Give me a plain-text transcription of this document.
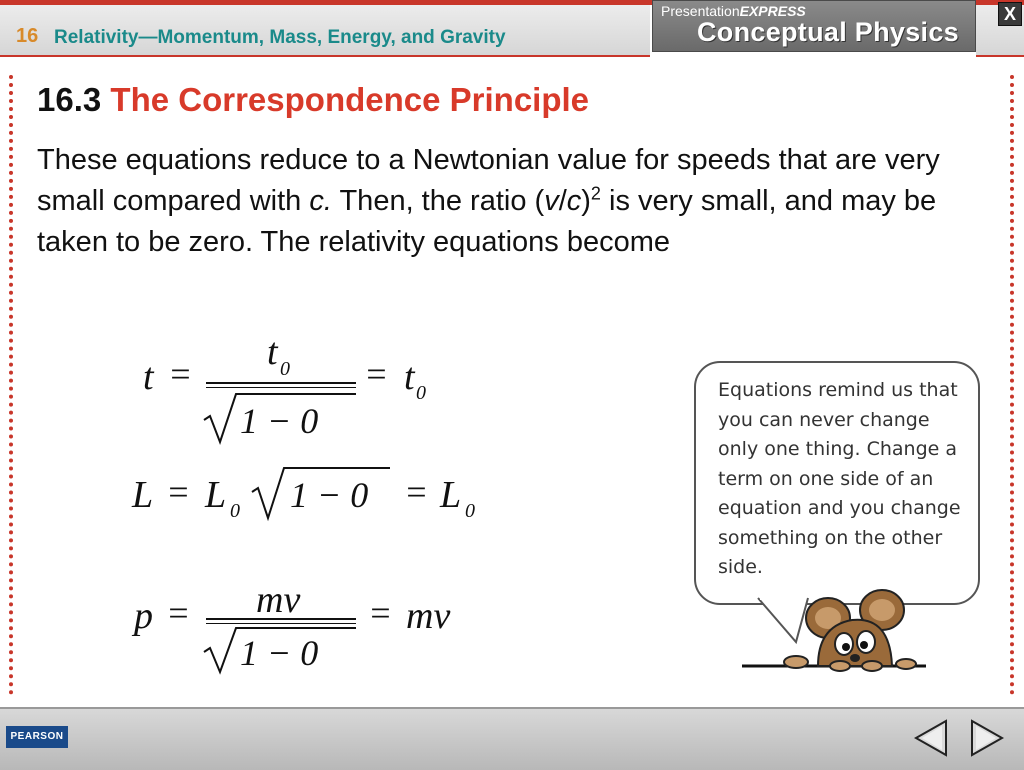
16 Relativity—Momentum, Mass, Energy, and Gravity
PresentationEXPRESS
Conceptual Physics
X
16.3 The Correspondence Principle
These equations reduce to a Newtonian value for speeds that are very small compared with c. Then, the ratio $(v/c)^2$ is very small, and may be taken to be zero. The relativity equations become
t =
t 0
1 − 0
= t 0
L = L 0 1 − 0 = L 0
p = mv
1 − 0
= mv
Equations remind us that you can never change only one thing. Change a term on one side of an equation and you change something on the other side.
PEARSON
